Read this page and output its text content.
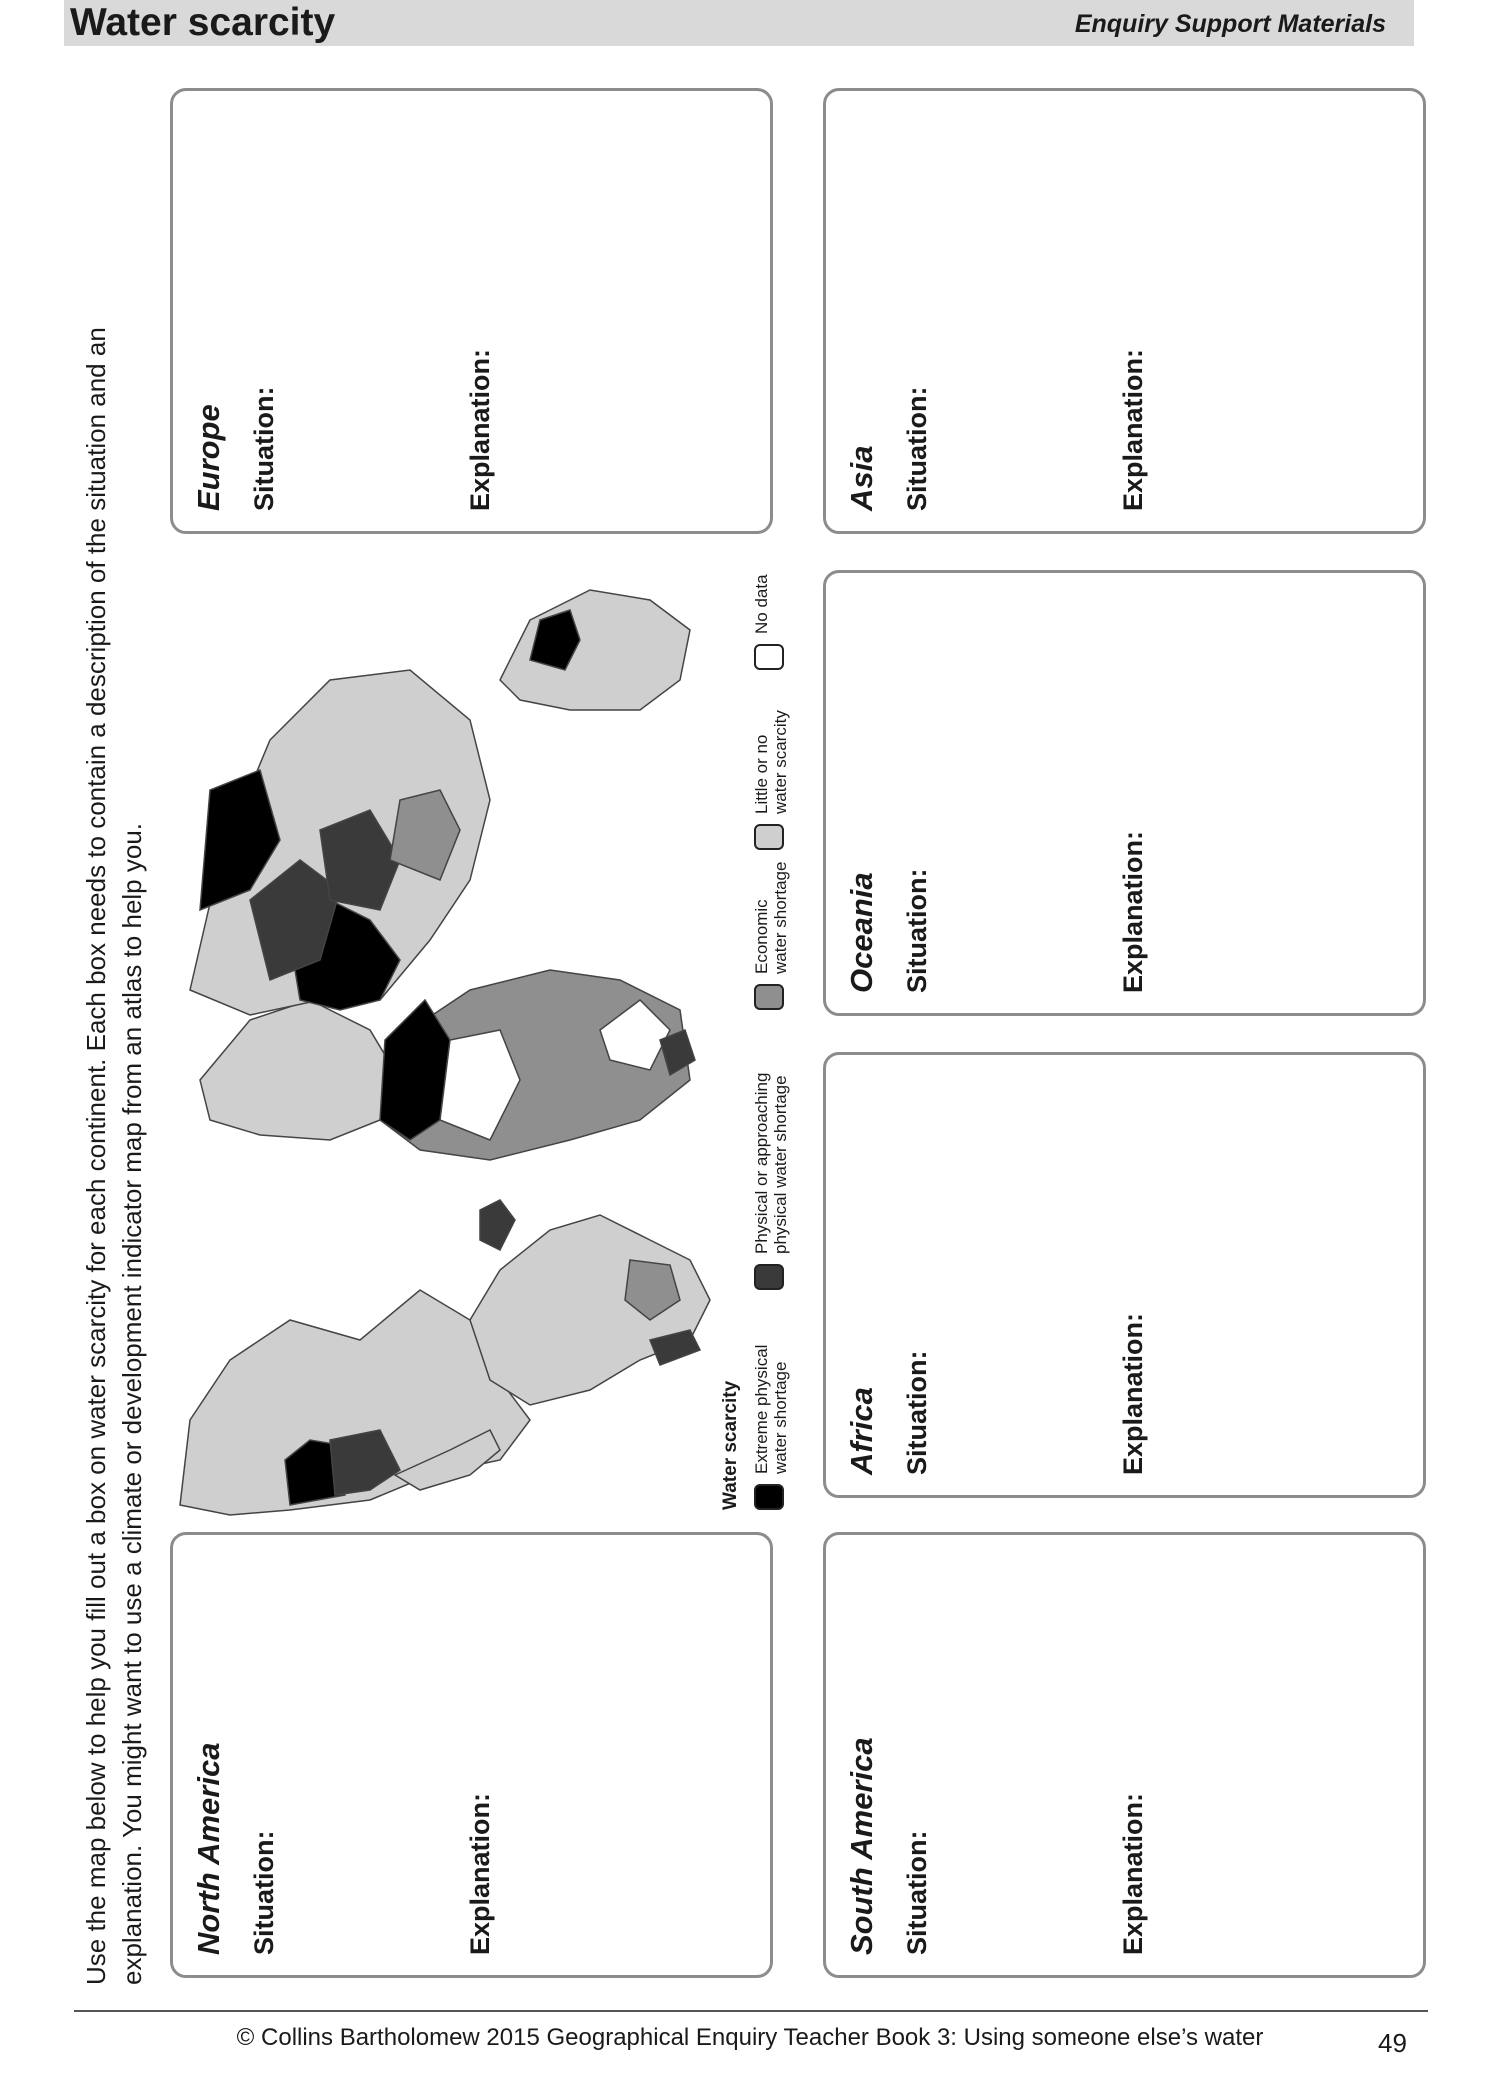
Water scarcity	Enquiry Support Materials
Use the map below to help you fill out a box on water scarcity for each continent. Each box needs to contain a description of the situation and an explanation. You might want to use a climate or development indicator map from an atlas to help you.
Europe Situation:	Explanation:
North America Situation:	Explanation:
Asia Situation:	Explanation:
Oceania Situation:	Explanation:
Africa Situation:	Explanation:
South America Situation:	Explanation:
Water scarcity Extreme physical water shortage
Physical or approaching physical water shortage
Economic water shortage
Little or no water scarcity
No data
© Collins Bartholomew 2015 Geographical Enquiry Teacher Book 3: Using someone else’s water	49
